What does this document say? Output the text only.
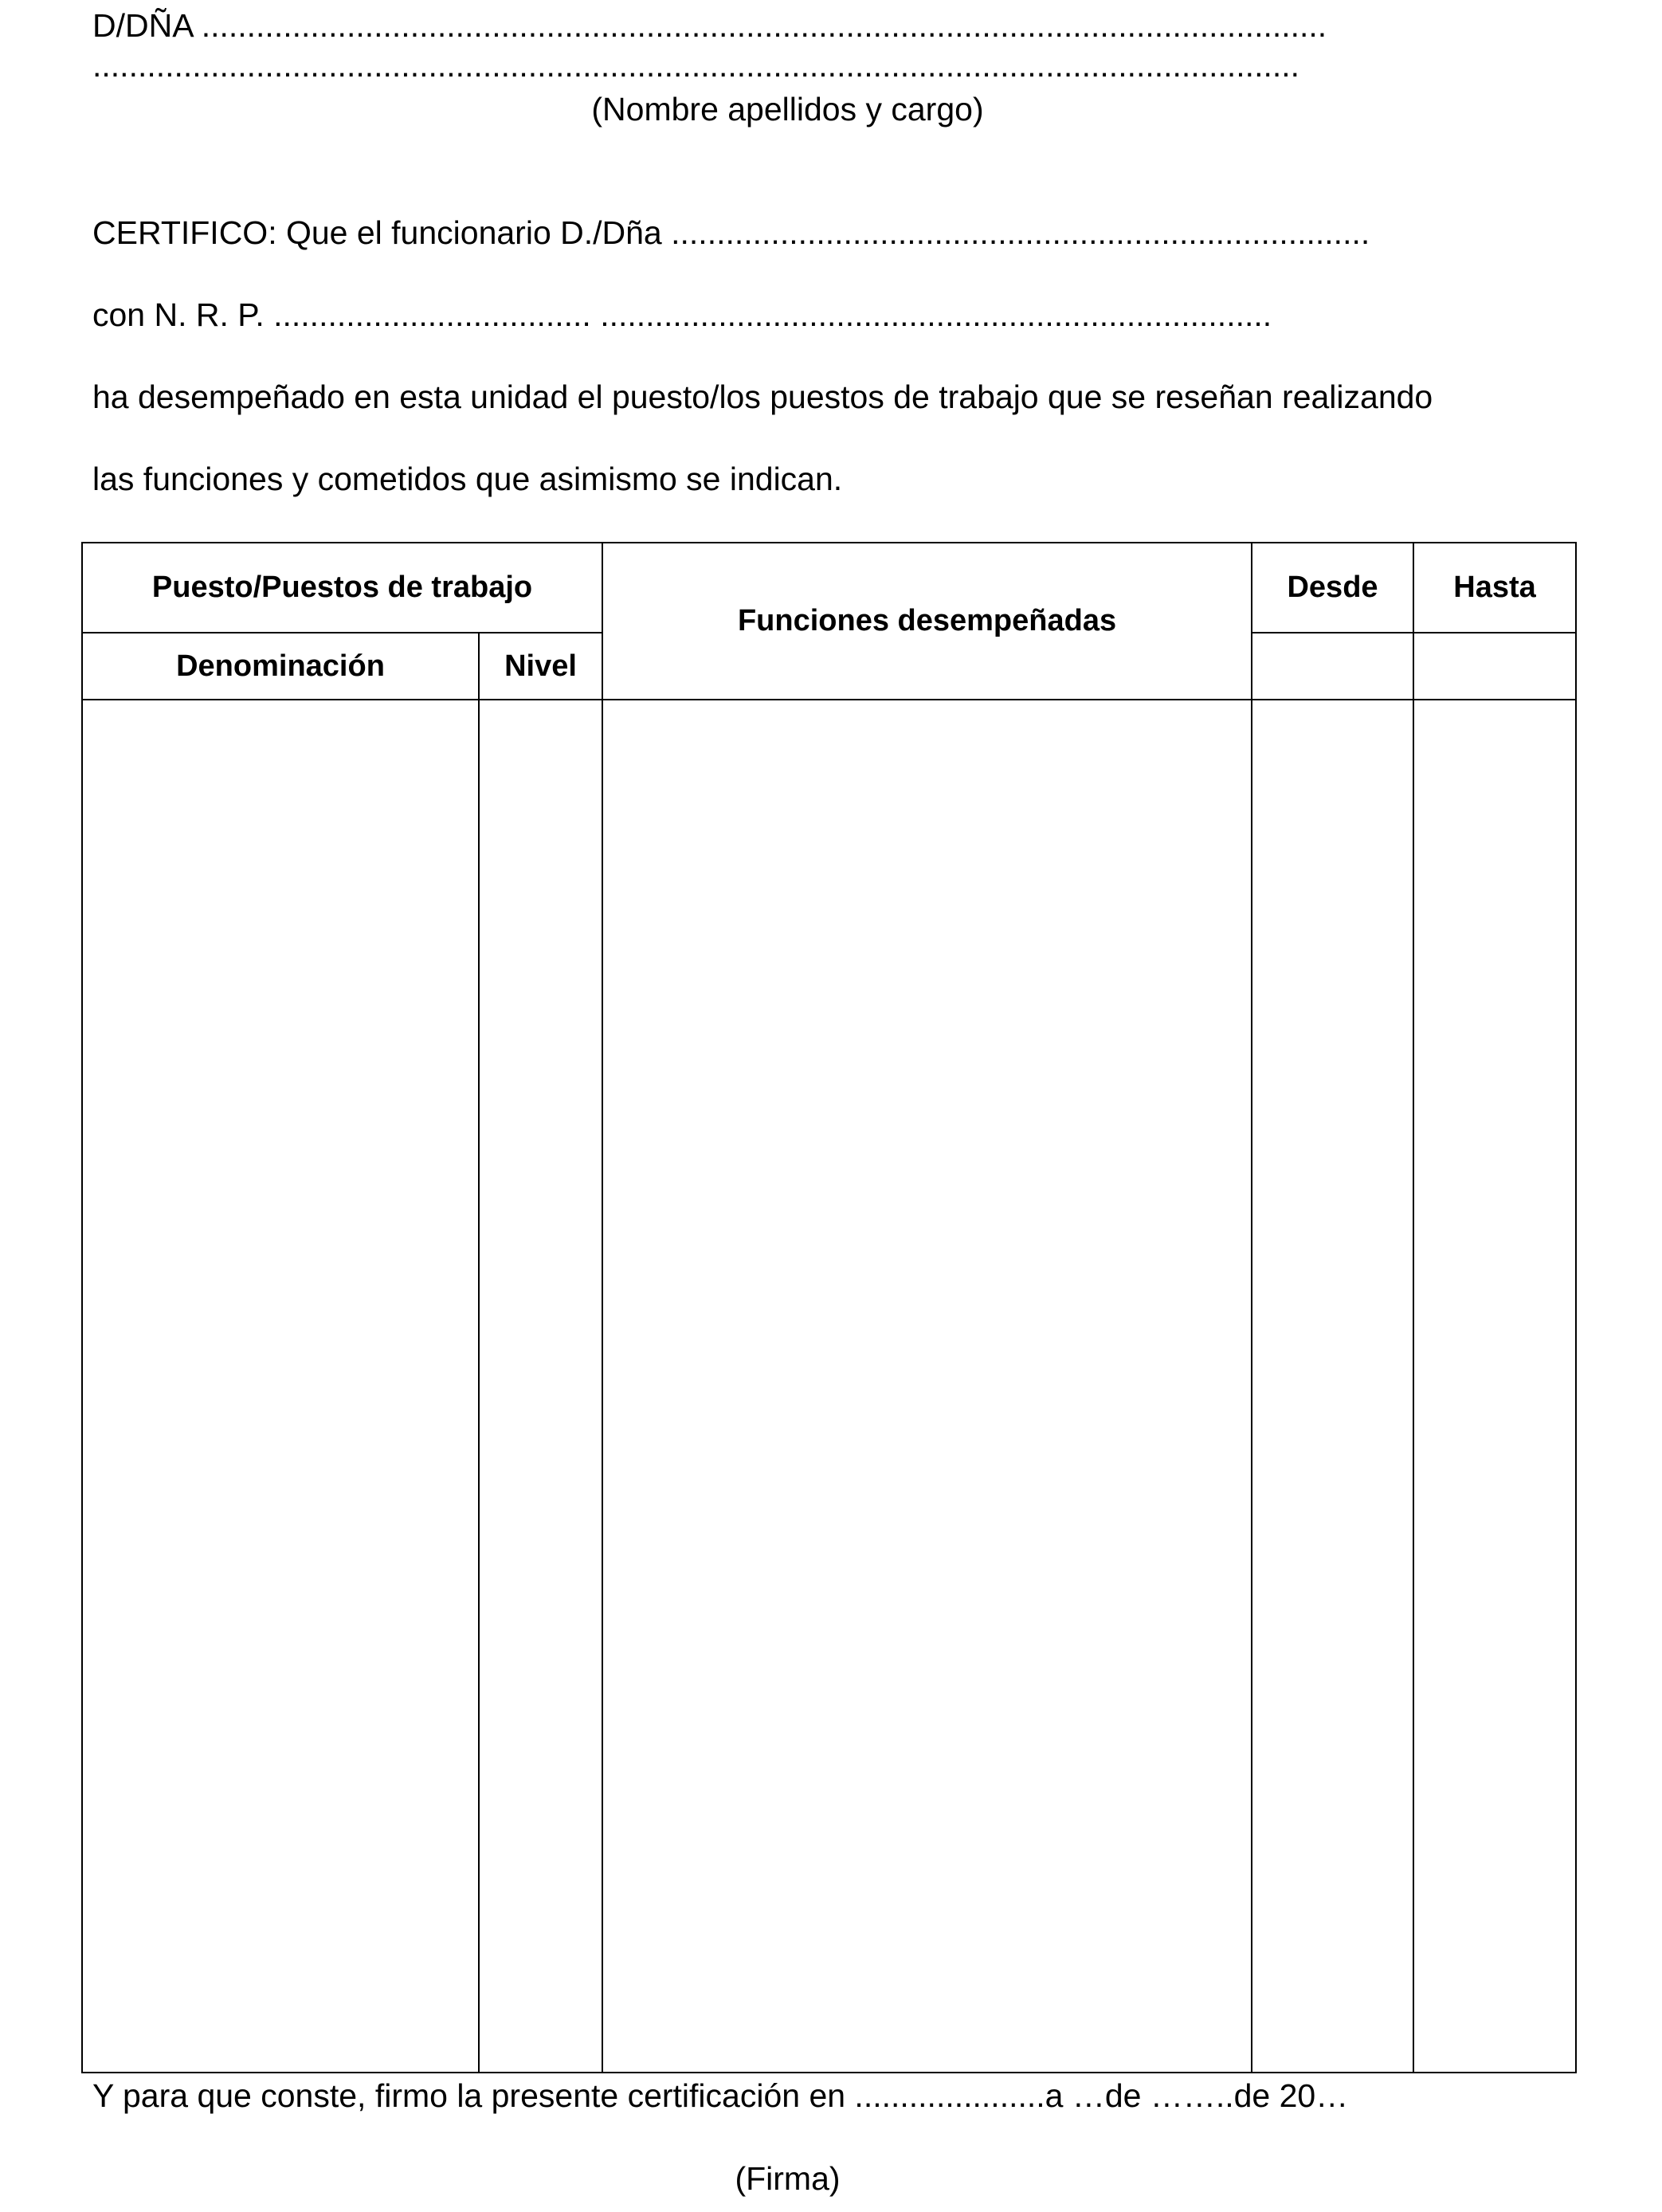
D/DÑA ............................................................................................................................
.....................................................................................................................................
(Nombre apellidos y cargo)
CERTIFICO: Que el funcionario D./Dña .............................................................................
con N. R. P. ................................... ..........................................................................
ha desempeñado en esta unidad el puesto/los puestos de trabajo que se reseñan realizando
las funciones y cometidos que asimismo se indican.
Puesto/Puestos de trabajo		Funciones desempeñadas	Desde	Hasta
Denominación	Nivel			

Y para que conste, firmo la presente certificación en .....................a …de ……..de 20…
(Firma)
